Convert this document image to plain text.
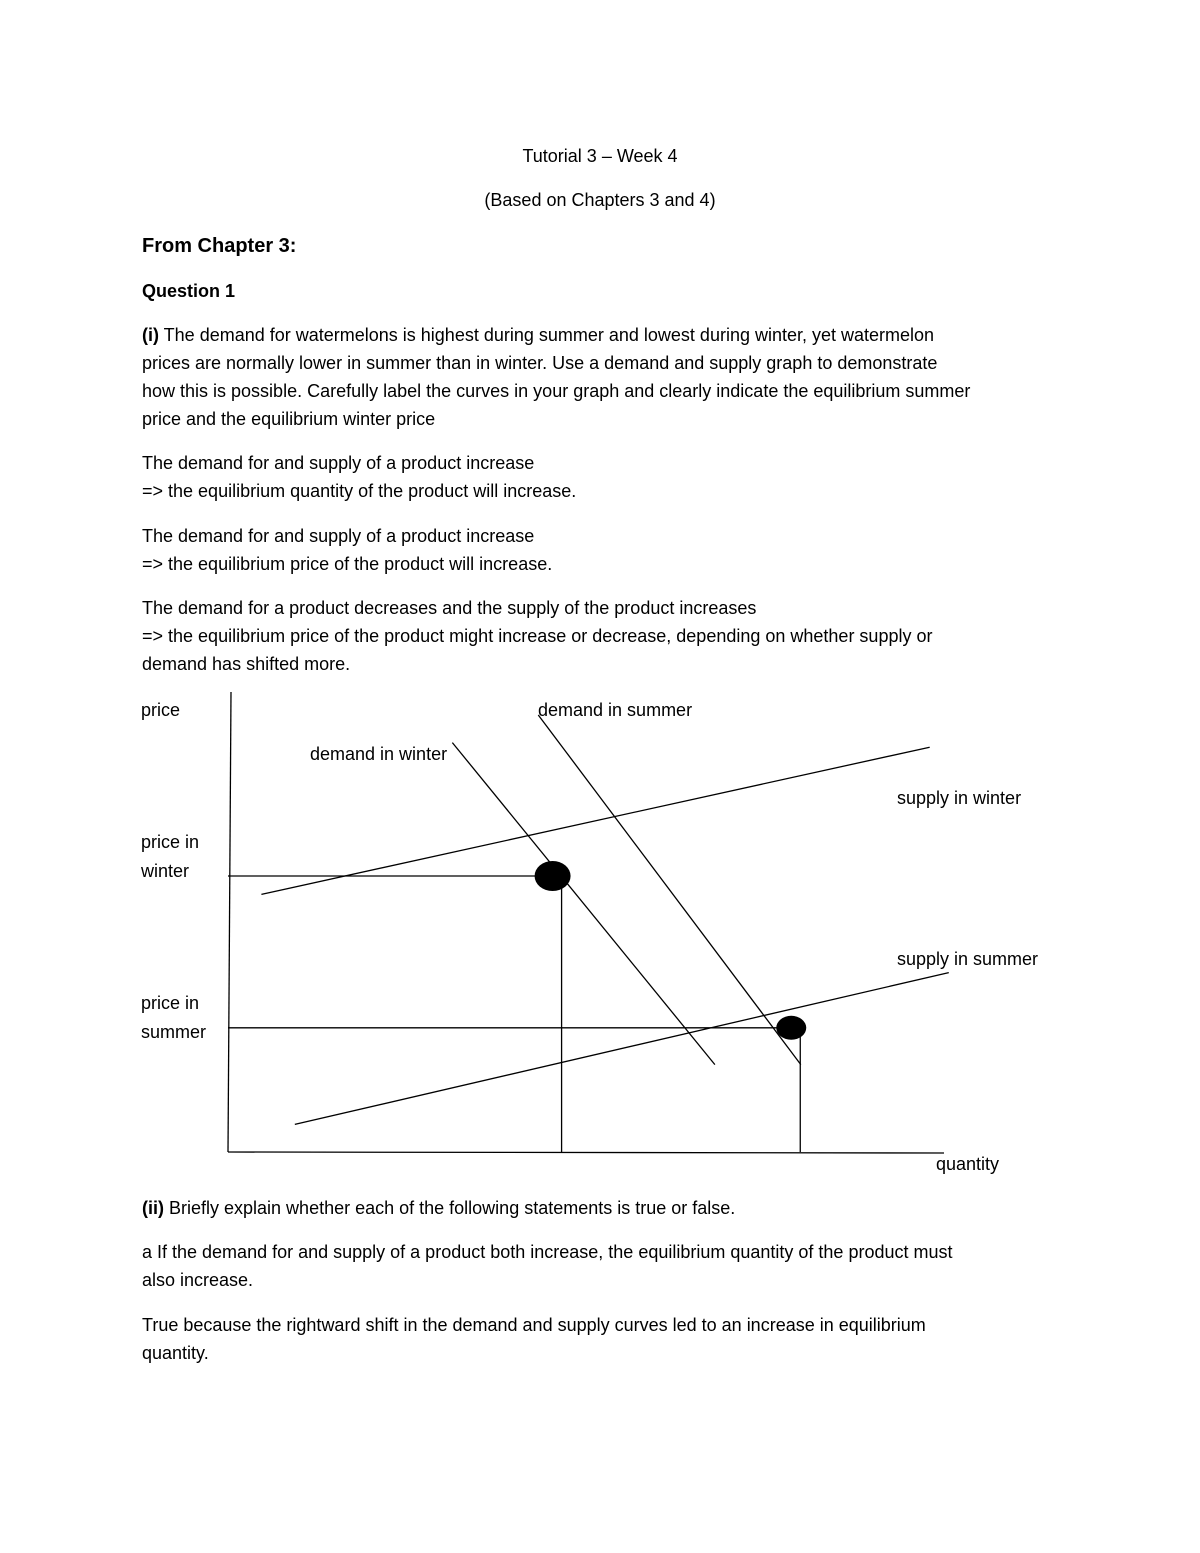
Tutorial 3 – Week 4
(Based on Chapters 3 and 4)
From Chapter 3:
Question 1
(i) The demand for watermelons is highest during summer and lowest during winter, yet watermelon
prices are normally lower in summer than in winter. Use a demand and supply graph to demonstrate
how this is possible. Carefully label the curves in your graph and clearly indicate the equilibrium summer
price and the equilibrium winter price
The demand for and supply of a product increase
=> the equilibrium quantity of the product will increase.
The demand for and supply of a product increase
=> the equilibrium price of the product will increase.
The demand for a product decreases and the supply of the product increases
=> the equilibrium price of the product might increase or decrease, depending on whether supply or
demand has shifted more.
price	demand in summer
demand in winter
supply in winter
price in
winter
supply in summer
price in
summer
quantity
(ii) Briefly explain whether each of the following statements is true or false.
a If the demand for and supply of a product both increase, the equilibrium quantity of the product must
also increase.
True because the rightward shift in the demand and supply curves led to an increase in equilibrium
quantity.
